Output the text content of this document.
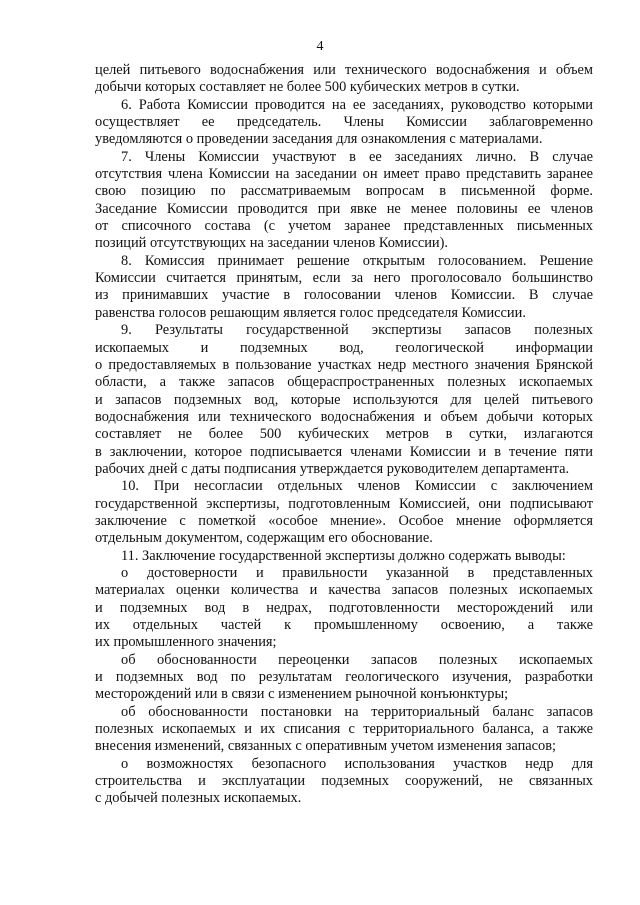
4
целей питьевого водоснабжения или технического водоснабжения и объем
добычи которых составляет не более 500 кубических метров в сутки.
6. Работа Комиссии проводится на ее заседаниях, руководство которыми
осуществляет ее председатель. Члены Комиссии заблаговременно
уведомляются о проведении заседания для ознакомления с материалами.
7. Члены Комиссии участвуют в ее заседаниях лично. В случае
отсутствия члена Комиссии на заседании он имеет право представить заранее
свою позицию по рассматриваемым вопросам в письменной форме.
Заседание Комиссии проводится при явке не менее половины ее членов
от списочного состава (с учетом заранее представленных письменных
позиций отсутствующих на заседании членов Комиссии).
8. Комиссия принимает решение открытым голосованием. Решение
Комиссии считается принятым, если за него проголосовало большинство
из принимавших участие в голосовании членов Комиссии. В случае
равенства голосов решающим является голос председателя Комиссии.
9. Результаты государственной экспертизы запасов полезных
ископаемых и подземных вод, геологической информации
о предоставляемых в пользование участках недр местного значения Брянской
области, а также запасов общераспространенных полезных ископаемых
и запасов подземных вод, которые используются для целей питьевого
водоснабжения или технического водоснабжения и объем добычи которых
составляет не более 500 кубических метров в сутки, излагаются
в заключении, которое подписывается членами Комиссии и в течение пяти
рабочих дней с даты подписания утверждается руководителем департамента.
10. При несогласии отдельных членов Комиссии с заключением
государственной экспертизы, подготовленным Комиссией, они подписывают
заключение с пометкой «особое мнение». Особое мнение оформляется
отдельным документом, содержащим его обоснование.
11. Заключение государственной экспертизы должно содержать выводы:
о достоверности и правильности указанной в представленных
материалах оценки количества и качества запасов полезных ископаемых
и подземных вод в недрах, подготовленности месторождений или
их отдельных частей к промышленному освоению, а также
их промышленного значения;
об обоснованности переоценки запасов полезных ископаемых
и подземных вод по результатам геологического изучения, разработки
месторождений или в связи с изменением рыночной конъюнктуры;
об обоснованности постановки на территориальный баланс запасов
полезных ископаемых и их списания с территориального баланса, а также
внесения изменений, связанных с оперативным учетом изменения запасов;
о возможностях безопасного использования участков недр для
строительства и эксплуатации подземных сооружений, не связанных
с добычей полезных ископаемых.
